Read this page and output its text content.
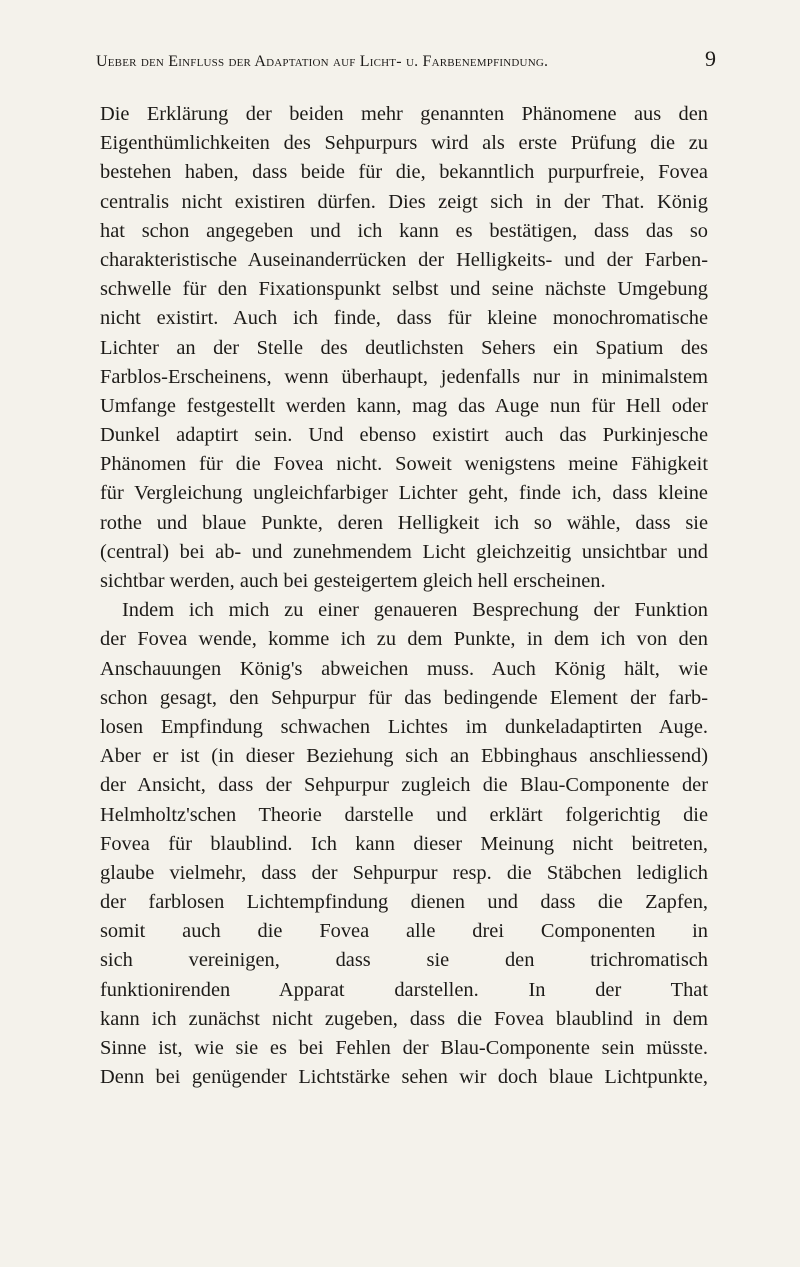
Ueber den Einfluss der Adaptation auf Licht- u. Farbenempfindung.	9
Die Erklärung der beiden mehr genannten Phänomene aus den
Eigenthümlichkeiten des Sehpurpurs wird als erste Prüfung die zu
bestehen haben, dass beide für die, bekanntlich purpurfreie, Fovea
centralis nicht existiren dürfen. Dies zeigt sich in der That. König
hat schon angegeben und ich kann es bestätigen, dass das so
charakteristische Auseinanderrücken der Helligkeits- und der Farben-
schwelle für den Fixationspunkt selbst und seine nächste Umgebung
nicht existirt. Auch ich finde, dass für kleine monochromatische
Lichter an der Stelle des deutlichsten Sehers ein Spatium des
Farblos-Erscheinens, wenn überhaupt, jedenfalls nur in minimalstem
Umfange festgestellt werden kann, mag das Auge nun für Hell oder
Dunkel adaptirt sein. Und ebenso existirt auch das Purkinjesche
Phänomen für die Fovea nicht. Soweit wenigstens meine Fähigkeit
für Vergleichung ungleichfarbiger Lichter geht, finde ich, dass kleine
rothe und blaue Punkte, deren Helligkeit ich so wähle, dass sie
(central) bei ab- und zunehmendem Licht gleichzeitig unsichtbar und
sichtbar werden, auch bei gesteigertem gleich hell erscheinen.
Indem ich mich zu einer genaueren Besprechung der Funktion
der Fovea wende, komme ich zu dem Punkte, in dem ich von den
Anschauungen König's abweichen muss. Auch König hält, wie
schon gesagt, den Sehpurpur für das bedingende Element der farb-
losen Empfindung schwachen Lichtes im dunkeladaptirten Auge.
Aber er ist (in dieser Beziehung sich an Ebbinghaus anschliessend)
der Ansicht, dass der Sehpurpur zugleich die Blau-Componente der
Helmholtz'schen Theorie darstelle und erklärt folgerichtig die
Fovea für blaublind. Ich kann dieser Meinung nicht beitreten,
glaube vielmehr, dass der Sehpurpur resp. die Stäbchen lediglich
der farblosen Lichtempfindung dienen und dass die Zapfen,
somit auch die Fovea alle drei Componenten in
sich vereinigen, dass sie den trichromatisch
funktionirenden Apparat darstellen. In der That
kann ich zunächst nicht zugeben, dass die Fovea blaublind in dem
Sinne ist, wie sie es bei Fehlen der Blau-Componente sein müsste.
Denn bei genügender Lichtstärke sehen wir doch blaue Lichtpunkte,
